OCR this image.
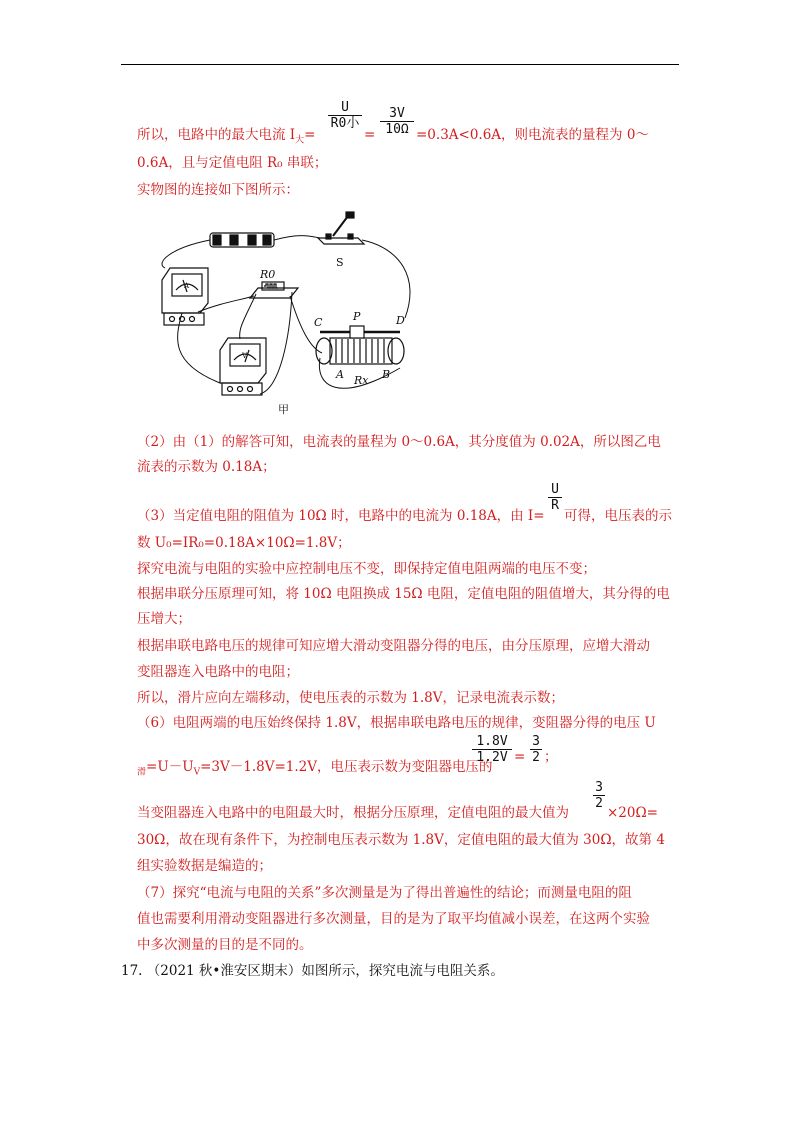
所以，电路中的最大电流 $I_大=$
U
R0小
=
3V
10Ω =0.3A<0.6A，则电流表的量程为 0～
0.6A，且与定值电阻 R₀ 串联；
实物图的连接如下图所示：
S
R0
A
V
C	P	D
A	B
Rx
甲
（2）由（1）的解答可知，电流表的量程为 0～0.6A，其分度值为 0.02A，所以图乙电
流表的示数为 0.18A；
（3）当定值电阻的阻值为 10Ω 时，电路中的电流为 0.18A，由 I=
U
R
可得，电压表的示
数 U₀=IR₀=0.18A×10Ω=1.8V；
探究电流与电阻的实验中应控制电压不变，即保持定值电阻两端的电压不变；
根据串联分压原理可知，将 10Ω 电阻换成 15Ω 电阻，定值电阻的阻值增大，其分得的电
压增大；
根据串联电路电压的规律可知应增大滑动变阻器分得的电压，由分压原理，应增大滑动
变阻器连入电路中的电阻；
所以，滑片应向左端移动，使电压表的示数为 1.8V，记录电流表示数；
（6）电阻两端的电压始终保持 1.8V，根据串联电路电压的规律，变阻器分得的电压 U
$_滑=U-U_V=3V-1.8V=1.2V$，电压表示数为变阻器电压的
1.8V
1.2V =
3
2 ；
当变阻器连入电路中的电阻最大时，根据分压原理，定值电阻的最大值为
3
2
×20Ω=
30Ω，故在现有条件下，为控制电压表示数为 1.8V，定值电阻的最大值为 30Ω，故第 4
组实验数据是编造的；
（7）探究“电流与电阻的关系”多次测量是为了得出普遍性的结论；而测量电阻的阻
值也需要利用滑动变阻器进行多次测量，目的是为了取平均值减小误差，在这两个实验
中多次测量的目的是不同的。
17. （2021 秋•淮安区期末）如图所示，探究电流与电阻关系。
